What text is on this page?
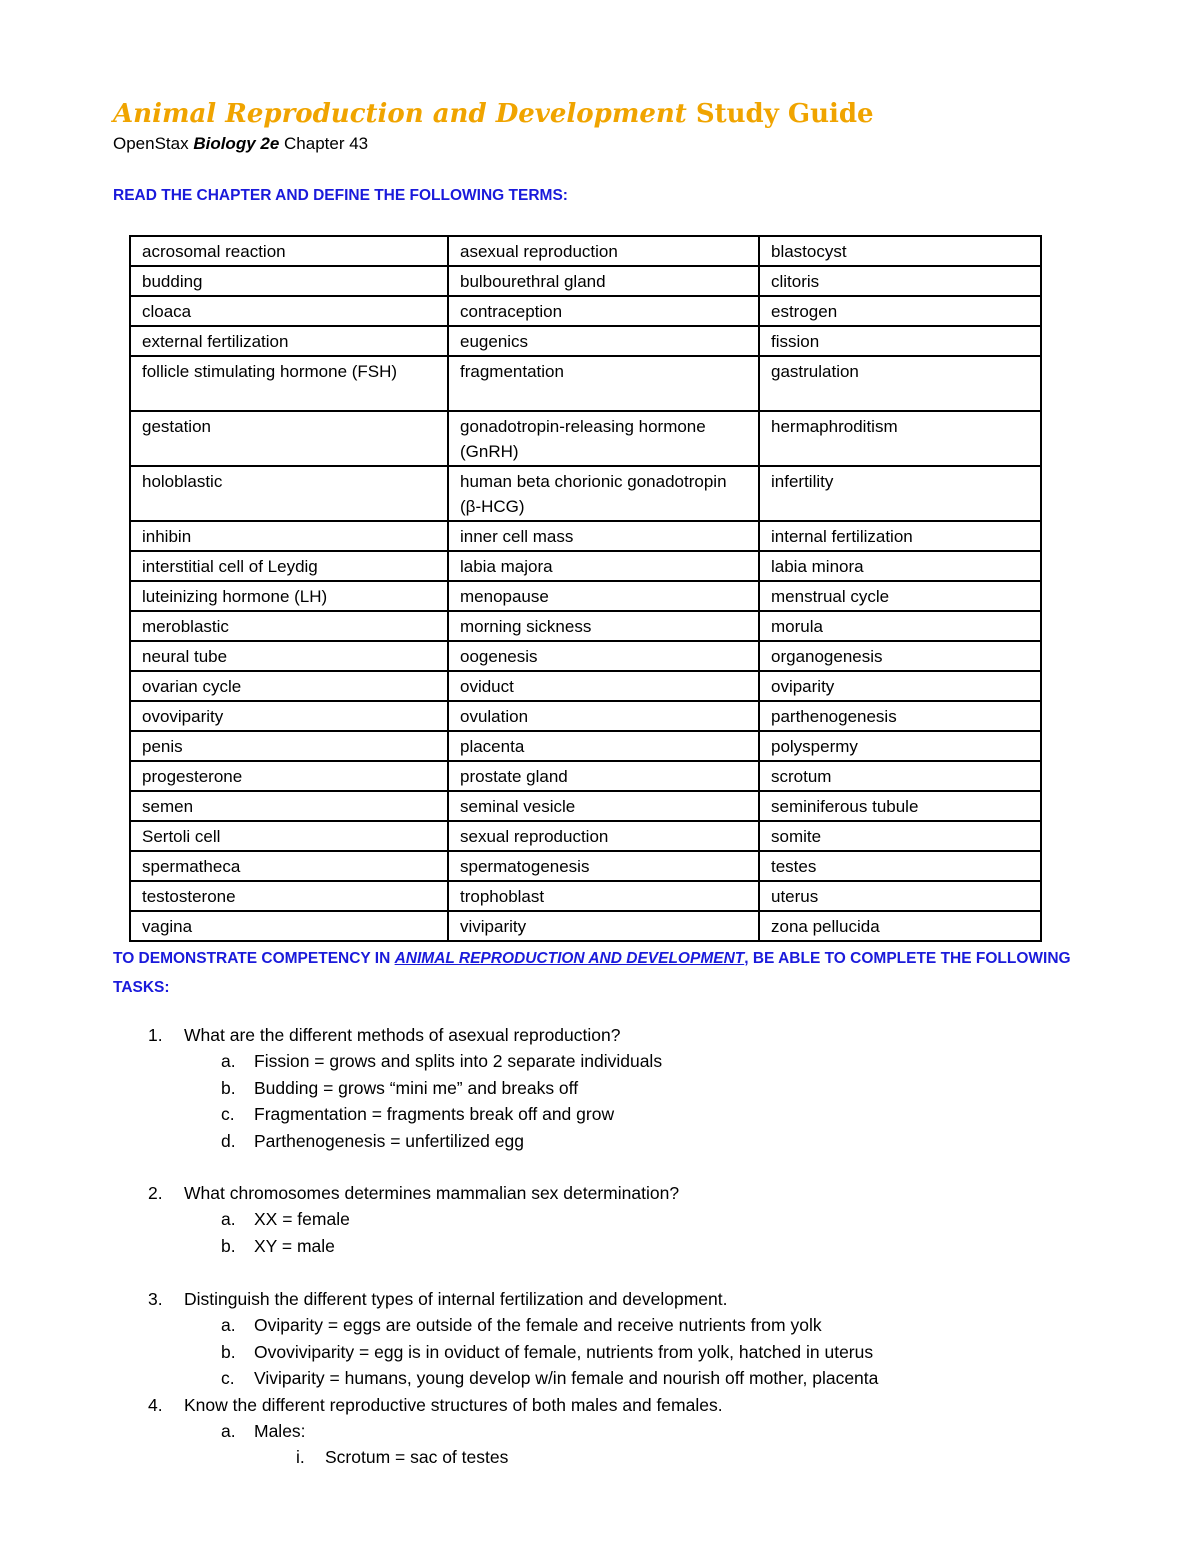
Animal Reproduction and Development Study Guide
OpenStax Biology 2e Chapter 43
READ THE CHAPTER AND DEFINE THE FOLLOWING TERMS:
acrosomal reaction	asexual reproduction	blastocyst
budding	bulbourethral gland	clitoris
cloaca	contraception	estrogen
external fertilization	eugenics	fission
follicle stimulating hormone (FSH)	fragmentation	gastrulation
gestation	gonadotropin-releasing hormone (GnRH)	hermaphroditism
holoblastic	human beta chorionic gonadotropin (β-HCG)	infertility
inhibin	inner cell mass	internal fertilization
interstitial cell of Leydig	labia majora	labia minora
luteinizing hormone (LH)	menopause	menstrual cycle
meroblastic	morning sickness	morula
neural tube	oogenesis	organogenesis
ovarian cycle	oviduct	oviparity
ovoviparity	ovulation	parthenogenesis
penis	placenta	polyspermy
progesterone	prostate gland	scrotum
semen	seminal vesicle	seminiferous tubule
Sertoli cell	sexual reproduction	somite
spermatheca	spermatogenesis	testes
testosterone	trophoblast	uterus
vagina	viviparity	zona pellucida
TO DEMONSTRATE COMPETENCY IN ANIMAL REPRODUCTION AND DEVELOPMENT, BE ABLE TO COMPLETE THE FOLLOWING TASKS:
1. What are the different methods of asexual reproduction?
a. Fission = grows and splits into 2 separate individuals
b. Budding = grows “mini me” and breaks off
c. Fragmentation = fragments break off and grow
d. Parthenogenesis = unfertilized egg
2. What chromosomes determines mammalian sex determination?
a. XX = female
b. XY = male
3. Distinguish the different types of internal fertilization and development.
a. Oviparity = eggs are outside of the female and receive nutrients from yolk
b. Ovoviviparity = egg is in oviduct of female, nutrients from yolk, hatched in uterus
c. Viviparity = humans, young develop w/in female and nourish off mother, placenta
4. Know the different reproductive structures of both males and females.
a. Males:
i. Scrotum = sac of testes
